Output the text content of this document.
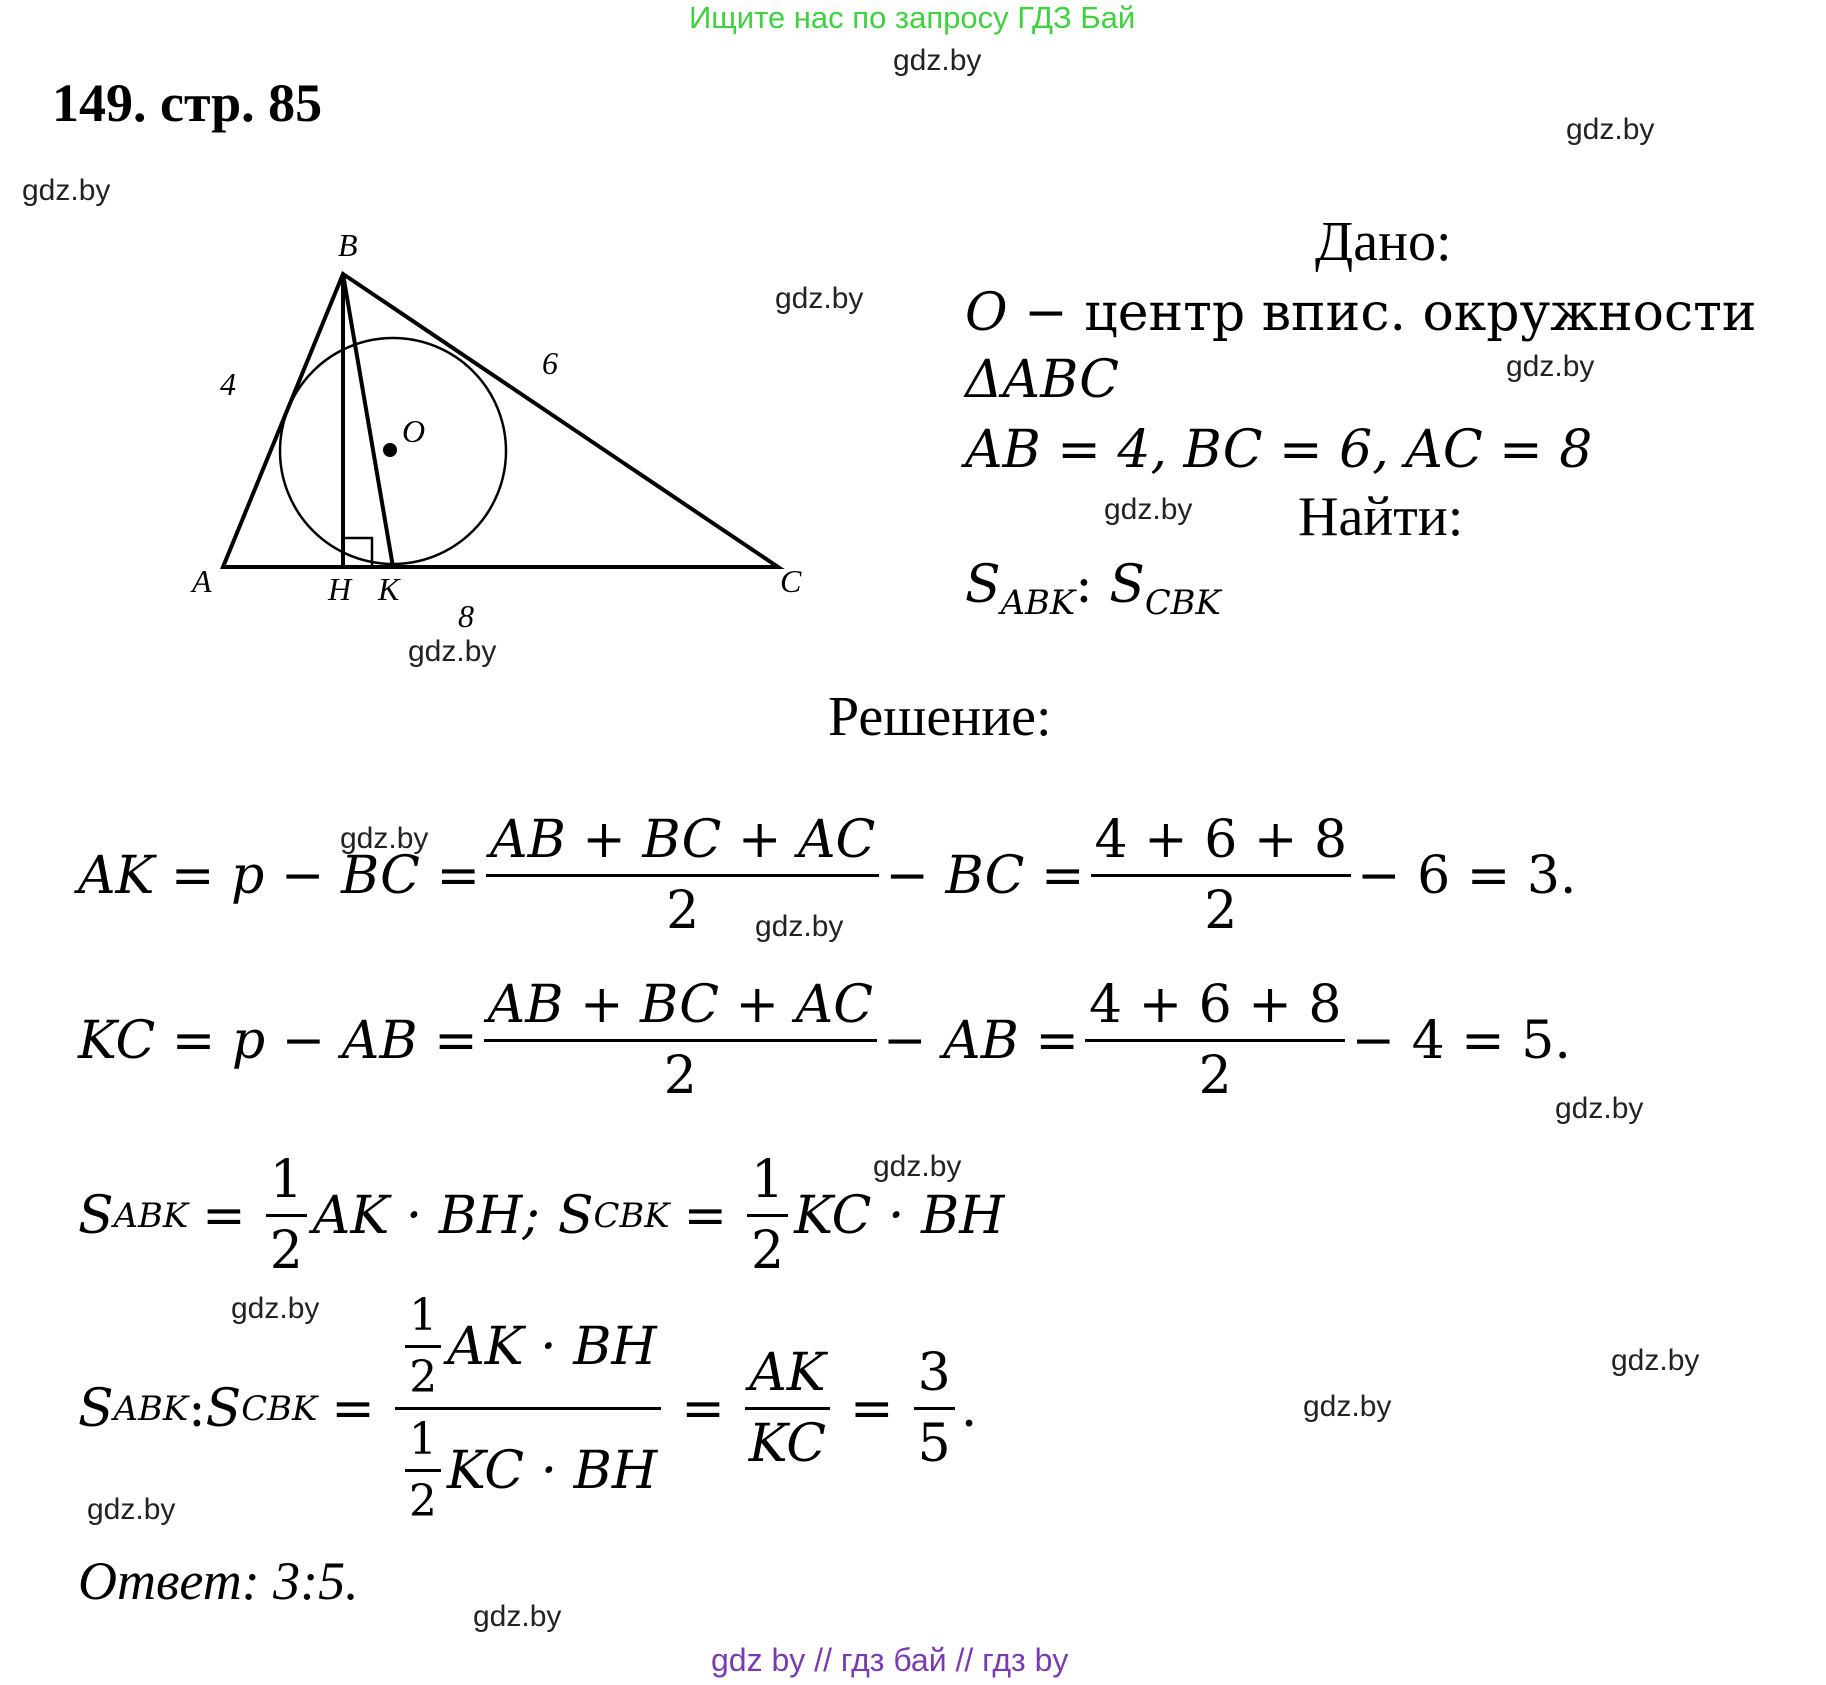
Ищите нас по запросу ГДЗ Бай
gdz.by
gdz.by
gdz.by
gdz.by
gdz.by
gdz.by
gdz.by
gdz.by
gdz.by
gdz.by
gdz.by
gdz.by
gdz.by
gdz.by
gdz.by
gdz.by
149. стр. 85
B
A	C
H K
O
4
6
8
Дано:
O − центр впис. окружности
ΔABC
AB = 4, BC = 6, AC = 8
Найти:
$S_{ABK}$: $S_{CBK}$
Решение:
AK = p − BC = $\frac{AB + BC + AC}{2}$ − BC = $\frac{4 + 6 + 8}{2} - 6 = 3$.
KC = p − AB = $\frac{AB + BC + AC}{2}$ − AB = $\frac{4 + 6 + 8}{2} - 4 = 5$.
S ABK = $\frac{1}{2}$ AK · BH; S CBK = $\frac{1}{2}$ KC · BH
S ABK : S CBK = $\frac{\frac{1}{2} AK \cdot BH}{\frac{1}{2} KC \cdot BH} = \frac{AK}{KC} = \frac{3}{5}$ .
Ответ: 3:5.
gdz by // гдз бай // гдз by
